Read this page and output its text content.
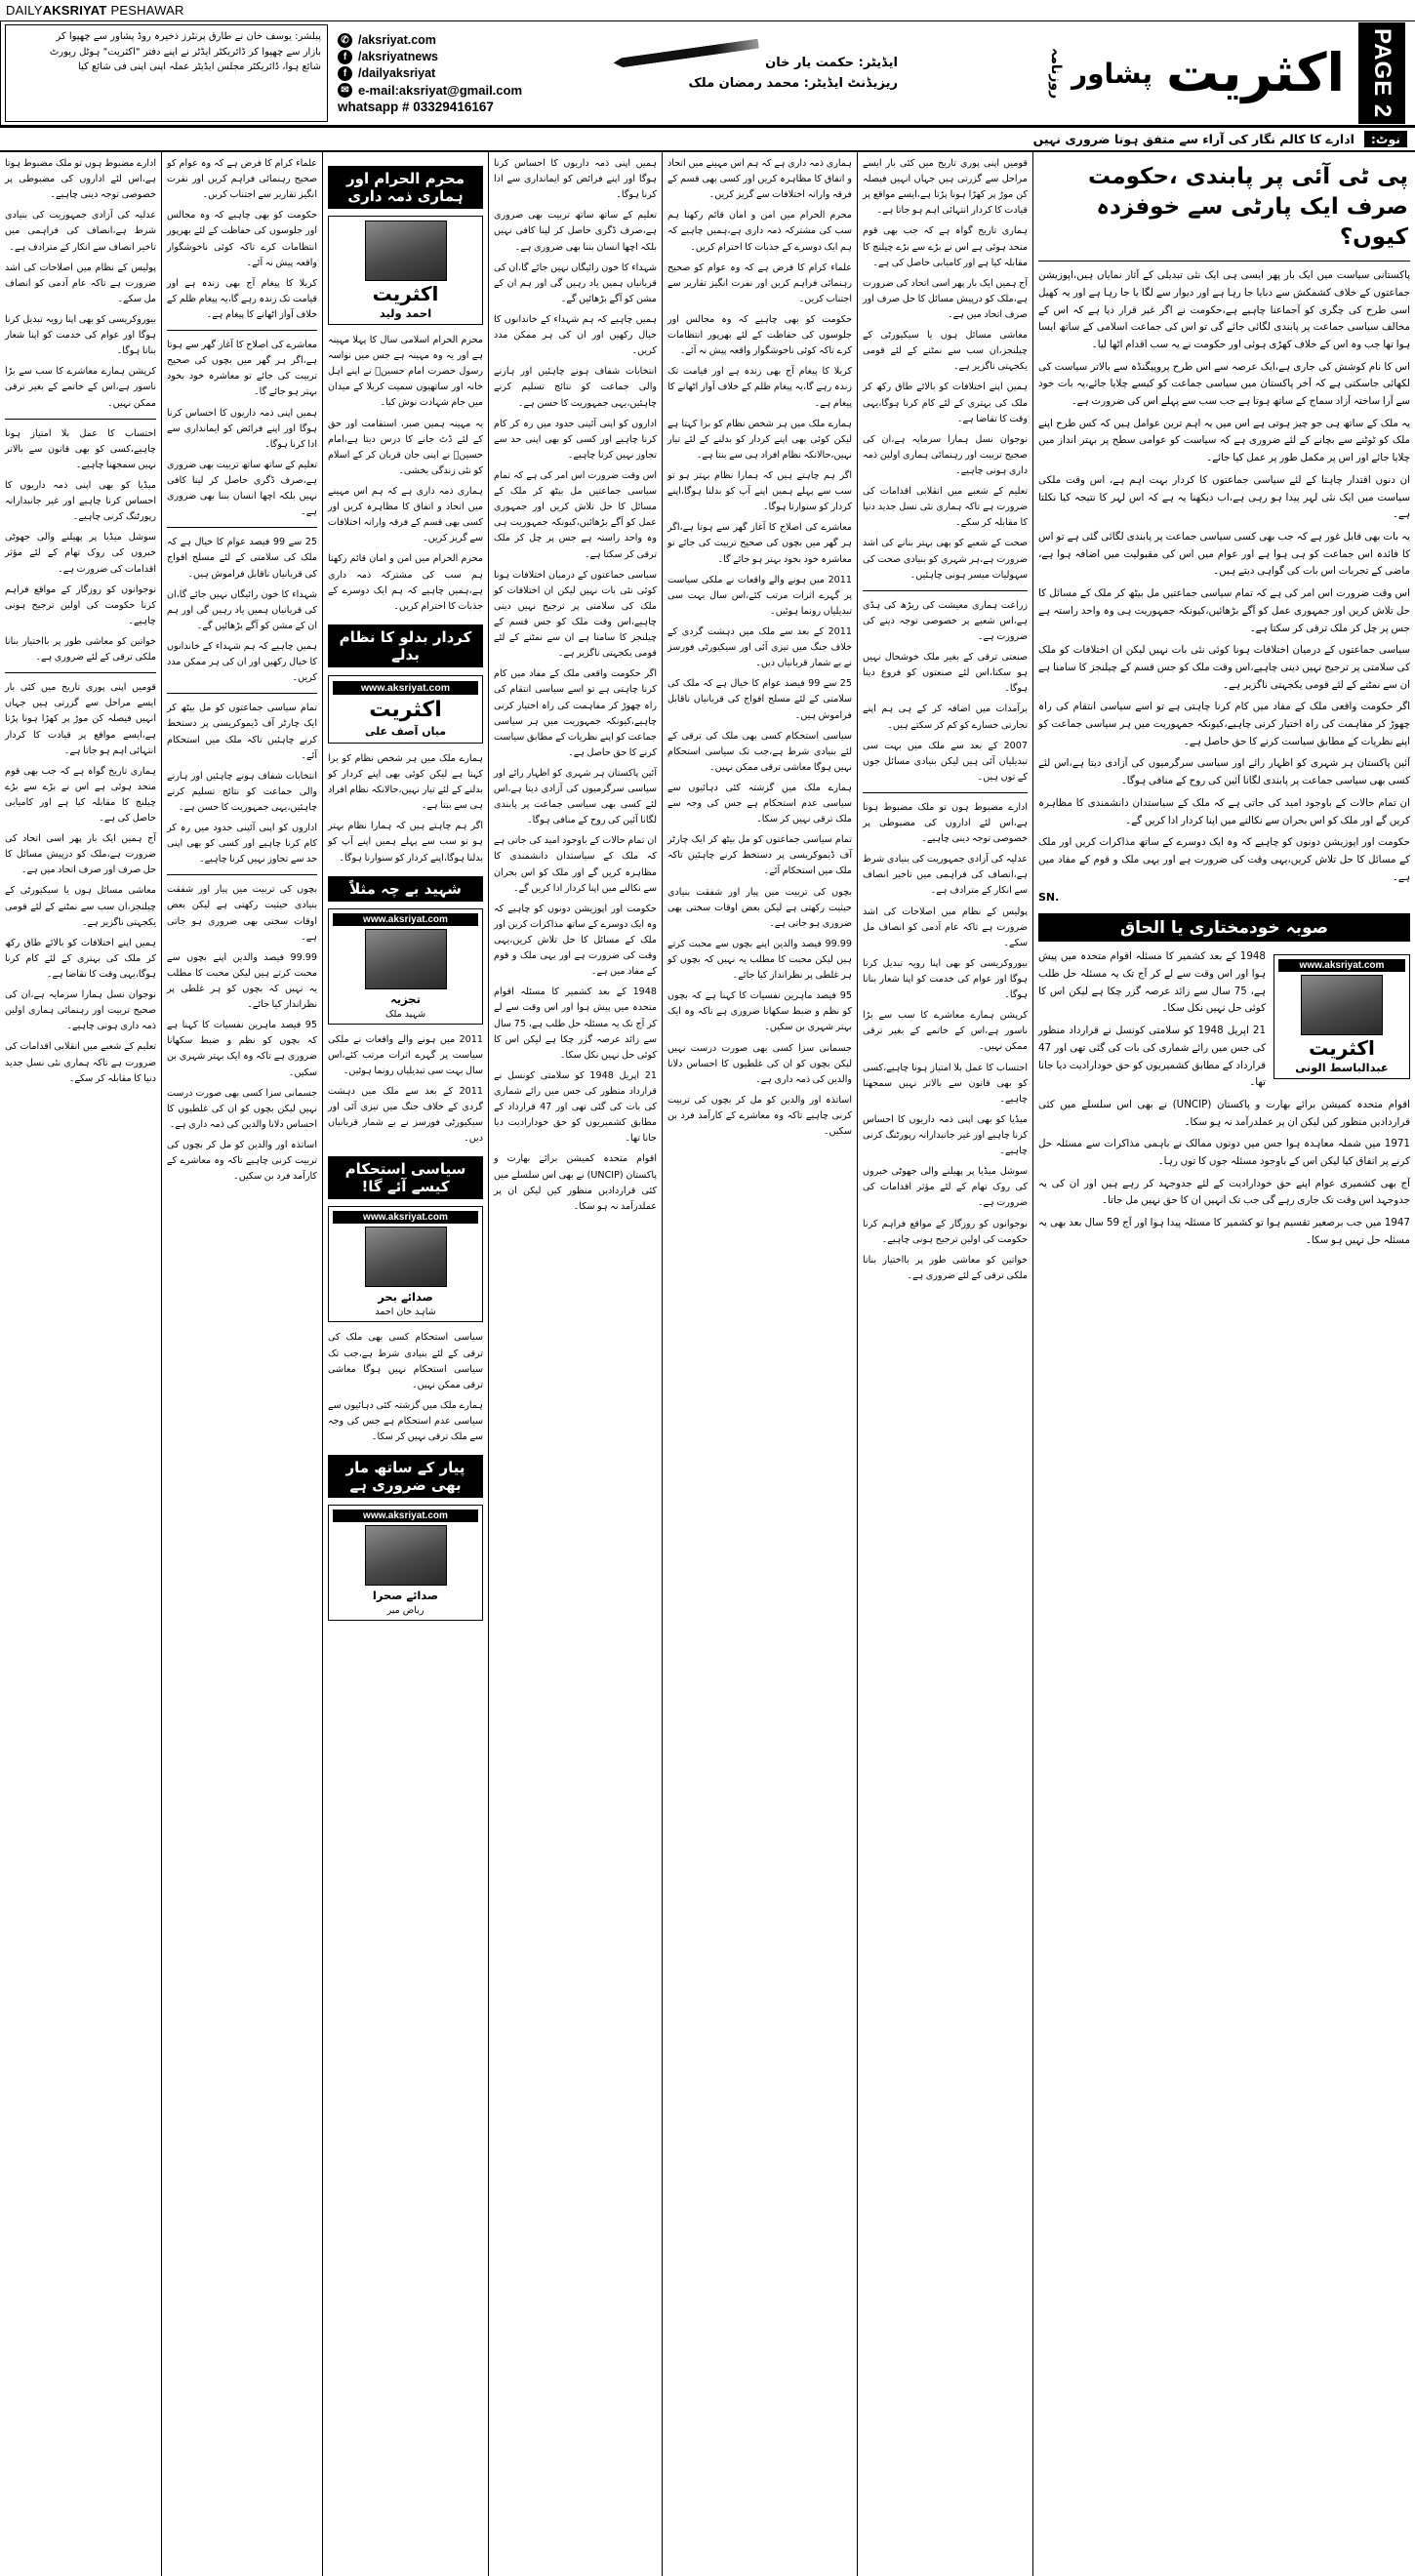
DAILY AKSRIYAT PESHAWAR
PAGE 2
اکثریت
پشاور
روزنامہ
ایڈیٹر: حکمت یار خان
ریزیڈنٹ ایڈیٹر: محمد رمضان ملک
✆ /aksriyat.com
f /aksriyatnews
f /dailyaksriyat
✉ e-mail:aksriyat@gmail.com
whatsapp # 03329416167
پبلشر: یوسف خان نے طارق پرنٹرز ذخیرہ روڈ پشاور سے چھپوا کر
بازار سے چھپوا کر ڈائریکٹر ایڈٹر نے اپنے دفتر "اکثریت" ہوٹل رپورٹ
شائع ہوا، ڈائریکٹر مجلس ایڈیٹر عملہ اپنی اپنی فی شائع کیا
نوٹ:
ادارے کا کالم نگار کی آراء سے متفق ہونا ضروری نہیں
پی ٹی آئی پر پابندی ،حکومت صرف ایک پارٹی سے خوفزدہ کیوں؟

پاکستانی سیاست میں ایک بار پھر ایسی ہی ایک نئی تبدیلی کے آثار نمایاں ہیں،اپوزیشن جماعتوں کے خلاف کشمکش سے دبایا جا رہا ہے اور دیوار سے لگا یا جا رہا ہے اور یہ کھیل اسی طرح کی چگری کو آجماعنا چاہیے ہے،حکومت نے اگر غیر قرار دیا ہے کہ اس کے مخالف سیاسی جماعت پر پابندی لگائی جائے گی تو اس کی جماعت اسلامی کے ساتھ ایسا ہوا تھا جب وہ اس کے خلاف کھڑی ہوئی اور حکومت نے یہ سب اقدام اٹھا لیا۔

اس کا نام کوشش کی جاری ہے،ایک عرصہ سے اس طرح پروپیگنڈہ سے بالاتر سیاست کی لکھائی جاسکتی ہے کہ آخر پاکستان میں سیاسی جماعت کو کیسے چلایا جائے،یہ بات خود سے آرا ساختہ آزاد سماج کے ساتھ ہوتا ہے جب سب سے پہلے اس کی ضرورت ہے۔

یہ ملک کے ساتھ ہی جو چیز ہوتی ہے اس میں یہ اہم ترین عوامل ہیں کہ کس طرح اپنے ملک کو ٹوٹنے سے بچانے کے لئے ضروری ہے کہ سیاست کو عوامی سطح پر بہتر انداز میں چلایا جائے اور اس پر مکمل طور پر عمل کیا جائے۔

ان دنوں اقتدار چاہتا کے لئے سیاسی جماعتوں کا کردار بہت اہم ہے، اس وقت ملکی سیاست میں ایک نئی لہر پیدا ہو رہی ہے،اب دیکھنا یہ ہے کہ اس لہر کا نتیجہ کیا نکلتا ہے۔

یہ بات بھی قابل غور ہے کہ جب بھی کسی سیاسی جماعت پر پابندی لگائی گئی ہے تو اس کا فائدہ اس جماعت کو ہی ہوا ہے اور عوام میں اس کی مقبولیت میں اضافہ ہوا ہے، ماضی کے تجربات اس بات کی گواہی دیتے ہیں۔

اس وقت ضرورت اس امر کی ہے کہ تمام سیاسی جماعتیں مل بیٹھ کر ملک کے مسائل کا حل تلاش کریں اور جمہوری عمل کو آگے بڑھائیں،کیونکہ جمہوریت ہی وہ واحد راستہ ہے جس پر چل کر ملک ترقی کر سکتا ہے۔

سیاسی جماعتوں کے درمیان اختلافات ہونا کوئی نئی بات نہیں لیکن ان اختلافات کو ملک کی سلامتی پر ترجیح نہیں دینی چاہیے،اس وقت ملک کو جس قسم کے چیلنجز کا سامنا ہے ان سے نمٹنے کے لئے قومی یکجہتی ناگزیر ہے۔

اگر حکومت واقعی ملک کے مفاد میں کام کرنا چاہتی ہے تو اسے سیاسی انتقام کی راہ چھوڑ کر مفاہمت کی راہ اختیار کرنی چاہیے،کیونکہ جمہوریت میں ہر سیاسی جماعت کو اپنے نظریات کے مطابق سیاست کرنے کا حق حاصل ہے۔

آئین پاکستان ہر شہری کو اظہار رائے اور سیاسی سرگرمیوں کی آزادی دیتا ہے،اس لئے کسی بھی سیاسی جماعت پر پابندی لگانا آئین کی روح کے منافی ہوگا۔

ان تمام حالات کے باوجود امید کی جاتی ہے کہ ملک کے سیاستدان دانشمندی کا مظاہرہ کریں گے اور ملک کو اس بحران سے نکالنے میں اپنا کردار ادا کریں گے۔

حکومت اور اپوزیشن دونوں کو چاہیے کہ وہ ایک دوسرے کے ساتھ مذاکرات کریں اور ملک کے مسائل کا حل تلاش کریں،یہی وقت کی ضرورت ہے اور یہی ملک و قوم کے مفاد میں ہے۔

SN.
صوبہ خودمختاری یا الحاق
www.aksriyat.com
اکثریت
عبدالباسط الونی

1948 کے بعد کشمیر کا مسئلہ اقوام متحدہ میں پیش ہوا اور اس وقت سے لے کر آج تک یہ مسئلہ حل طلب ہے، 75 سال سے زائد عرصہ گزر چکا ہے لیکن اس کا کوئی حل نہیں نکل سکا۔

21 اپریل 1948 کو سلامتی کونسل نے قرارداد منظور کی جس میں رائے شماری کی بات کی گئی تھی اور 47 قرارداد کے مطابق کشمیریوں کو حق خودارادیت دیا جانا تھا۔

اقوام متحدہ کمیشن برائے بھارت و پاکستان (UNCIP) نے بھی اس سلسلے میں کئی قراردادیں منظور کیں لیکن ان پر عملدرآمد نہ ہو سکا۔

1971 میں شملہ معاہدہ ہوا جس میں دونوں ممالک نے باہمی مذاکرات سے مسئلہ حل کرنے پر اتفاق کیا لیکن اس کے باوجود مسئلہ جوں کا توں رہا۔

آج بھی کشمیری عوام اپنے حق خودارادیت کے لئے جدوجہد کر رہے ہیں اور ان کی یہ جدوجہد اس وقت تک جاری رہے گی جب تک انہیں ان کا حق نہیں مل جاتا۔

1947 میں جب برصغیر تقسیم ہوا تو کشمیر کا مسئلہ پیدا ہوا اور آج 59 سال بعد بھی یہ مسئلہ حل نہیں ہو سکا۔

قومیں اپنی پوری تاریخ میں کئی بار ایسے مراحل سے گزرتی ہیں جہاں انہیں فیصلہ کن موڑ پر کھڑا ہونا پڑتا ہے،ایسے مواقع پر قیادت کا کردار انتہائی اہم ہو جاتا ہے۔

ہماری تاریخ گواہ ہے کہ جب بھی قوم متحد ہوئی ہے اس نے بڑے سے بڑے چیلنج کا مقابلہ کیا ہے اور کامیابی حاصل کی ہے۔

آج ہمیں ایک بار پھر اسی اتحاد کی ضرورت ہے،ملک کو درپیش مسائل کا حل صرف اور صرف اتحاد میں ہے۔

معاشی مسائل ہوں یا سیکیورٹی کے چیلنجز،ان سب سے نمٹنے کے لئے قومی یکجہتی ناگزیر ہے۔

ہمیں اپنے اختلافات کو بالائے طاق رکھ کر ملک کی بہتری کے لئے کام کرنا ہوگا،یہی وقت کا تقاضا ہے۔

نوجوان نسل ہمارا سرمایہ ہے،ان کی صحیح تربیت اور رہنمائی ہماری اولین ذمہ داری ہونی چاہیے۔

تعلیم کے شعبے میں انقلابی اقدامات کی ضرورت ہے تاکہ ہماری نئی نسل جدید دنیا کا مقابلہ کر سکے۔

صحت کے شعبے کو بھی بہتر بنانے کی اشد ضرورت ہے،ہر شہری کو بنیادی صحت کی سہولیات میسر ہونی چاہئیں۔

زراعت ہماری معیشت کی ریڑھ کی ہڈی ہے،اس شعبے پر خصوصی توجہ دینے کی ضرورت ہے۔

صنعتی ترقی کے بغیر ملک خوشحال نہیں ہو سکتا،اس لئے صنعتوں کو فروغ دینا ہوگا۔

برآمدات میں اضافہ کر کے ہی ہم اپنے تجارتی خسارے کو کم کر سکتے ہیں۔

2007 کے بعد سے ملک میں بہت سی تبدیلیاں آئی ہیں لیکن بنیادی مسائل جوں کے توں ہیں۔

ادارے مضبوط ہوں تو ملک مضبوط ہوتا ہے،اس لئے اداروں کی مضبوطی پر خصوصی توجہ دینی چاہیے۔

عدلیہ کی آزادی جمہوریت کی بنیادی شرط ہے،انصاف کی فراہمی میں تاخیر انصاف سے انکار کے مترادف ہے۔

پولیس کے نظام میں اصلاحات کی اشد ضرورت ہے تاکہ عام آدمی کو انصاف مل سکے۔

بیوروکریسی کو بھی اپنا رویہ تبدیل کرنا ہوگا اور عوام کی خدمت کو اپنا شعار بنانا ہوگا۔

کرپشن ہمارے معاشرے کا سب سے بڑا ناسور ہے،اس کے خاتمے کے بغیر ترقی ممکن نہیں۔

احتساب کا عمل بلا امتیاز ہونا چاہیے،کسی کو بھی قانون سے بالاتر نہیں سمجھنا چاہیے۔

میڈیا کو بھی اپنی ذمہ داریوں کا احساس کرنا چاہیے اور غیر جانبدارانہ رپورٹنگ کرنی چاہیے۔

سوشل میڈیا پر پھیلنے والی جھوٹی خبروں کی روک تھام کے لئے مؤثر اقدامات کی ضرورت ہے۔

نوجوانوں کو روزگار کے مواقع فراہم کرنا حکومت کی اولین ترجیح ہونی چاہیے۔

خواتین کو معاشی طور پر بااختیار بنانا ملکی ترقی کے لئے ضروری ہے۔

ہماری ذمہ داری ہے کہ ہم اس مہینے میں اتحاد و اتفاق کا مظاہرہ کریں اور کسی بھی قسم کے فرقہ وارانہ اختلافات سے گریز کریں۔

محرم الحرام میں امن و امان قائم رکھنا ہم سب کی مشترکہ ذمہ داری ہے،ہمیں چاہیے کہ ہم ایک دوسرے کے جذبات کا احترام کریں۔

علماء کرام کا فرض ہے کہ وہ عوام کو صحیح رہنمائی فراہم کریں اور نفرت انگیز تقاریر سے اجتناب کریں۔

حکومت کو بھی چاہیے کہ وہ مجالس اور جلوسوں کی حفاظت کے لئے بھرپور انتظامات کرے تاکہ کوئی ناخوشگوار واقعہ پیش نہ آئے۔

کربلا کا پیغام آج بھی زندہ ہے اور قیامت تک زندہ رہے گا،یہ پیغام ظلم کے خلاف آواز اٹھانے کا پیغام ہے۔

ہمارے ملک میں ہر شخص نظام کو برا کہتا ہے لیکن کوئی بھی اپنے کردار کو بدلنے کے لئے تیار نہیں،حالانکہ نظام افراد ہی سے بنتا ہے۔

اگر ہم چاہتے ہیں کہ ہمارا نظام بہتر ہو تو سب سے پہلے ہمیں اپنے آپ کو بدلنا ہوگا،اپنے کردار کو سنوارنا ہوگا۔

معاشرے کی اصلاح کا آغاز گھر سے ہوتا ہے،اگر ہر گھر میں بچوں کی صحیح تربیت کی جائے تو معاشرہ خود بخود بہتر ہو جائے گا۔

2011 میں ہونے والے واقعات نے ملکی سیاست پر گہرے اثرات مرتب کئے،اس سال بہت سی تبدیلیاں رونما ہوئیں۔

2011 کے بعد سے ملک میں دہشت گردی کے خلاف جنگ میں تیزی آئی اور سیکیورٹی فورسز نے بے شمار قربانیاں دیں۔

25 سے 99 فیصد عوام کا خیال ہے کہ ملک کی سلامتی کے لئے مسلح افواج کی قربانیاں ناقابل فراموش ہیں۔

سیاسی استحکام کسی بھی ملک کی ترقی کے لئے بنیادی شرط ہے،جب تک سیاسی استحکام نہیں ہوگا معاشی ترقی ممکن نہیں۔

ہمارے ملک میں گزشتہ کئی دہائیوں سے سیاسی عدم استحکام ہے جس کی وجہ سے ملک ترقی نہیں کر سکا۔

تمام سیاسی جماعتوں کو مل بیٹھ کر ایک چارٹر آف ڈیموکریسی پر دستخط کرنے چاہئیں تاکہ ملک میں استحکام آئے۔

بچوں کی تربیت میں پیار اور شفقت بنیادی حیثیت رکھتی ہے لیکن بعض اوقات سختی بھی ضروری ہو جاتی ہے۔

99.99 فیصد والدین اپنے بچوں سے محبت کرتے ہیں لیکن محبت کا مطلب یہ نہیں کہ بچوں کو ہر غلطی پر نظرانداز کیا جائے۔

95 فیصد ماہرین نفسیات کا کہنا ہے کہ بچوں کو نظم و ضبط سکھانا ضروری ہے تاکہ وہ ایک بہتر شہری بن سکیں۔

جسمانی سزا کسی بھی صورت درست نہیں لیکن بچوں کو ان کی غلطیوں کا احساس دلانا والدین کی ذمہ داری ہے۔

اساتذہ اور والدین کو مل کر بچوں کی تربیت کرنی چاہیے تاکہ وہ معاشرے کے کارآمد فرد بن سکیں۔

ہمیں اپنی ذمہ داریوں کا احساس کرنا ہوگا اور اپنے فرائض کو ایمانداری سے ادا کرنا ہوگا۔

تعلیم کے ساتھ ساتھ تربیت بھی ضروری ہے،صرف ڈگری حاصل کر لینا کافی نہیں بلکہ اچھا انسان بننا بھی ضروری ہے۔

شہداء کا خون رائیگاں نہیں جائے گا،ان کی قربانیاں ہمیں یاد رہیں گی اور ہم ان کے مشن کو آگے بڑھائیں گے۔

ہمیں چاہیے کہ ہم شہداء کے خاندانوں کا خیال رکھیں اور ان کی ہر ممکن مدد کریں۔

انتخابات شفاف ہونے چاہئیں اور ہارنے والی جماعت کو نتائج تسلیم کرنے چاہئیں،یہی جمہوریت کا حسن ہے۔

اداروں کو اپنی آئینی حدود میں رہ کر کام کرنا چاہیے اور کسی کو بھی اپنی حد سے تجاوز نہیں کرنا چاہیے۔

اس وقت ضرورت اس امر کی ہے کہ تمام سیاسی جماعتیں مل بیٹھ کر ملک کے مسائل کا حل تلاش کریں اور جمہوری عمل کو آگے بڑھائیں،کیونکہ جمہوریت ہی وہ واحد راستہ ہے جس پر چل کر ملک ترقی کر سکتا ہے۔

سیاسی جماعتوں کے درمیان اختلافات ہونا کوئی نئی بات نہیں لیکن ان اختلافات کو ملک کی سلامتی پر ترجیح نہیں دینی چاہیے،اس وقت ملک کو جس قسم کے چیلنجز کا سامنا ہے ان سے نمٹنے کے لئے قومی یکجہتی ناگزیر ہے۔

اگر حکومت واقعی ملک کے مفاد میں کام کرنا چاہتی ہے تو اسے سیاسی انتقام کی راہ چھوڑ کر مفاہمت کی راہ اختیار کرنی چاہیے،کیونکہ جمہوریت میں ہر سیاسی جماعت کو اپنے نظریات کے مطابق سیاست کرنے کا حق حاصل ہے۔

آئین پاکستان ہر شہری کو اظہار رائے اور سیاسی سرگرمیوں کی آزادی دیتا ہے،اس لئے کسی بھی سیاسی جماعت پر پابندی لگانا آئین کی روح کے منافی ہوگا۔

ان تمام حالات کے باوجود امید کی جاتی ہے کہ ملک کے سیاستدان دانشمندی کا مظاہرہ کریں گے اور ملک کو اس بحران سے نکالنے میں اپنا کردار ادا کریں گے۔

حکومت اور اپوزیشن دونوں کو چاہیے کہ وہ ایک دوسرے کے ساتھ مذاکرات کریں اور ملک کے مسائل کا حل تلاش کریں،یہی وقت کی ضرورت ہے اور یہی ملک و قوم کے مفاد میں ہے۔

1948 کے بعد کشمیر کا مسئلہ اقوام متحدہ میں پیش ہوا اور اس وقت سے لے کر آج تک یہ مسئلہ حل طلب ہے، 75 سال سے زائد عرصہ گزر چکا ہے لیکن اس کا کوئی حل نہیں نکل سکا۔

21 اپریل 1948 کو سلامتی کونسل نے قرارداد منظور کی جس میں رائے شماری کی بات کی گئی تھی اور 47 قرارداد کے مطابق کشمیریوں کو حق خودارادیت دیا جانا تھا۔

اقوام متحدہ کمیشن برائے بھارت و پاکستان (UNCIP) نے بھی اس سلسلے میں کئی قراردادیں منظور کیں لیکن ان پر عملدرآمد نہ ہو سکا۔

محرم الحرام اور ہماری ذمہ داری
اکثریت
احمد ولید

محرم الحرام اسلامی سال کا پہلا مہینہ ہے اور یہ وہ مہینہ ہے جس میں نواسہ رسول حضرت امام حسینؓ نے اپنے اہل خانہ اور ساتھیوں سمیت کربلا کے میدان میں جام شہادت نوش کیا۔

یہ مہینہ ہمیں صبر، استقامت اور حق کے لئے ڈٹ جانے کا درس دیتا ہے،امام حسینؓ نے اپنی جان قربان کر کے اسلام کو نئی زندگی بخشی۔

ہماری ذمہ داری ہے کہ ہم اس مہینے میں اتحاد و اتفاق کا مظاہرہ کریں اور کسی بھی قسم کے فرقہ وارانہ اختلافات سے گریز کریں۔

محرم الحرام میں امن و امان قائم رکھنا ہم سب کی مشترکہ ذمہ داری ہے،ہمیں چاہیے کہ ہم ایک دوسرے کے جذبات کا احترام کریں۔

کردار بدلو کا نظام بدلے
www.aksriyat.com
اکثریت
میاں آصف علی

ہمارے ملک میں ہر شخص نظام کو برا کہتا ہے لیکن کوئی بھی اپنے کردار کو بدلنے کے لئے تیار نہیں،حالانکہ نظام افراد ہی سے بنتا ہے۔

اگر ہم چاہتے ہیں کہ ہمارا نظام بہتر ہو تو سب سے پہلے ہمیں اپنے آپ کو بدلنا ہوگا،اپنے کردار کو سنوارنا ہوگا۔

شہید بے چہ مثلاً
www.aksriyat.com
تجزیہ
شہید ملک

2011 میں ہونے والے واقعات نے ملکی سیاست پر گہرے اثرات مرتب کئے،اس سال بہت سی تبدیلیاں رونما ہوئیں۔

2011 کے بعد سے ملک میں دہشت گردی کے خلاف جنگ میں تیزی آئی اور سیکیورٹی فورسز نے بے شمار قربانیاں دیں۔

سیاسی استحکام کیسے آئے گا!
www.aksriyat.com
صدائے بحر
شاہد خان احمد

سیاسی استحکام کسی بھی ملک کی ترقی کے لئے بنیادی شرط ہے،جب تک سیاسی استحکام نہیں ہوگا معاشی ترقی ممکن نہیں۔

ہمارے ملک میں گزشتہ کئی دہائیوں سے سیاسی عدم استحکام ہے جس کی وجہ سے ملک ترقی نہیں کر سکا۔

پیار کے ساتھ مار بھی ضروری ہے
www.aksriyat.com
صدائے صحرا
ریاض میر

علماء کرام کا فرض ہے کہ وہ عوام کو صحیح رہنمائی فراہم کریں اور نفرت انگیز تقاریر سے اجتناب کریں۔

حکومت کو بھی چاہیے کہ وہ مجالس اور جلوسوں کی حفاظت کے لئے بھرپور انتظامات کرے تاکہ کوئی ناخوشگوار واقعہ پیش نہ آئے۔

کربلا کا پیغام آج بھی زندہ ہے اور قیامت تک زندہ رہے گا،یہ پیغام ظلم کے خلاف آواز اٹھانے کا پیغام ہے۔

معاشرے کی اصلاح کا آغاز گھر سے ہوتا ہے،اگر ہر گھر میں بچوں کی صحیح تربیت کی جائے تو معاشرہ خود بخود بہتر ہو جائے گا۔

ہمیں اپنی ذمہ داریوں کا احساس کرنا ہوگا اور اپنے فرائض کو ایمانداری سے ادا کرنا ہوگا۔

تعلیم کے ساتھ ساتھ تربیت بھی ضروری ہے،صرف ڈگری حاصل کر لینا کافی نہیں بلکہ اچھا انسان بننا بھی ضروری ہے۔

25 سے 99 فیصد عوام کا خیال ہے کہ ملک کی سلامتی کے لئے مسلح افواج کی قربانیاں ناقابل فراموش ہیں۔

شہداء کا خون رائیگاں نہیں جائے گا،ان کی قربانیاں ہمیں یاد رہیں گی اور ہم ان کے مشن کو آگے بڑھائیں گے۔

ہمیں چاہیے کہ ہم شہداء کے خاندانوں کا خیال رکھیں اور ان کی ہر ممکن مدد کریں۔

تمام سیاسی جماعتوں کو مل بیٹھ کر ایک چارٹر آف ڈیموکریسی پر دستخط کرنے چاہئیں تاکہ ملک میں استحکام آئے۔

انتخابات شفاف ہونے چاہئیں اور ہارنے والی جماعت کو نتائج تسلیم کرنے چاہئیں،یہی جمہوریت کا حسن ہے۔

اداروں کو اپنی آئینی حدود میں رہ کر کام کرنا چاہیے اور کسی کو بھی اپنی حد سے تجاوز نہیں کرنا چاہیے۔

بچوں کی تربیت میں پیار اور شفقت بنیادی حیثیت رکھتی ہے لیکن بعض اوقات سختی بھی ضروری ہو جاتی ہے۔

99.99 فیصد والدین اپنے بچوں سے محبت کرتے ہیں لیکن محبت کا مطلب یہ نہیں کہ بچوں کو ہر غلطی پر نظرانداز کیا جائے۔

95 فیصد ماہرین نفسیات کا کہنا ہے کہ بچوں کو نظم و ضبط سکھانا ضروری ہے تاکہ وہ ایک بہتر شہری بن سکیں۔

جسمانی سزا کسی بھی صورت درست نہیں لیکن بچوں کو ان کی غلطیوں کا احساس دلانا والدین کی ذمہ داری ہے۔

اساتذہ اور والدین کو مل کر بچوں کی تربیت کرنی چاہیے تاکہ وہ معاشرے کے کارآمد فرد بن سکیں۔

ادارے مضبوط ہوں تو ملک مضبوط ہوتا ہے،اس لئے اداروں کی مضبوطی پر خصوصی توجہ دینی چاہیے۔

عدلیہ کی آزادی جمہوریت کی بنیادی شرط ہے،انصاف کی فراہمی میں تاخیر انصاف سے انکار کے مترادف ہے۔

پولیس کے نظام میں اصلاحات کی اشد ضرورت ہے تاکہ عام آدمی کو انصاف مل سکے۔

بیوروکریسی کو بھی اپنا رویہ تبدیل کرنا ہوگا اور عوام کی خدمت کو اپنا شعار بنانا ہوگا۔

کرپشن ہمارے معاشرے کا سب سے بڑا ناسور ہے،اس کے خاتمے کے بغیر ترقی ممکن نہیں۔

احتساب کا عمل بلا امتیاز ہونا چاہیے،کسی کو بھی قانون سے بالاتر نہیں سمجھنا چاہیے۔

میڈیا کو بھی اپنی ذمہ داریوں کا احساس کرنا چاہیے اور غیر جانبدارانہ رپورٹنگ کرنی چاہیے۔

سوشل میڈیا پر پھیلنے والی جھوٹی خبروں کی روک تھام کے لئے مؤثر اقدامات کی ضرورت ہے۔

نوجوانوں کو روزگار کے مواقع فراہم کرنا حکومت کی اولین ترجیح ہونی چاہیے۔

خواتین کو معاشی طور پر بااختیار بنانا ملکی ترقی کے لئے ضروری ہے۔

قومیں اپنی پوری تاریخ میں کئی بار ایسے مراحل سے گزرتی ہیں جہاں انہیں فیصلہ کن موڑ پر کھڑا ہونا پڑتا ہے،ایسے مواقع پر قیادت کا کردار انتہائی اہم ہو جاتا ہے۔

ہماری تاریخ گواہ ہے کہ جب بھی قوم متحد ہوئی ہے اس نے بڑے سے بڑے چیلنج کا مقابلہ کیا ہے اور کامیابی حاصل کی ہے۔

آج ہمیں ایک بار پھر اسی اتحاد کی ضرورت ہے،ملک کو درپیش مسائل کا حل صرف اور صرف اتحاد میں ہے۔

معاشی مسائل ہوں یا سیکیورٹی کے چیلنجز،ان سب سے نمٹنے کے لئے قومی یکجہتی ناگزیر ہے۔

ہمیں اپنے اختلافات کو بالائے طاق رکھ کر ملک کی بہتری کے لئے کام کرنا ہوگا،یہی وقت کا تقاضا ہے۔

نوجوان نسل ہمارا سرمایہ ہے،ان کی صحیح تربیت اور رہنمائی ہماری اولین ذمہ داری ہونی چاہیے۔

تعلیم کے شعبے میں انقلابی اقدامات کی ضرورت ہے تاکہ ہماری نئی نسل جدید دنیا کا مقابلہ کر سکے۔
